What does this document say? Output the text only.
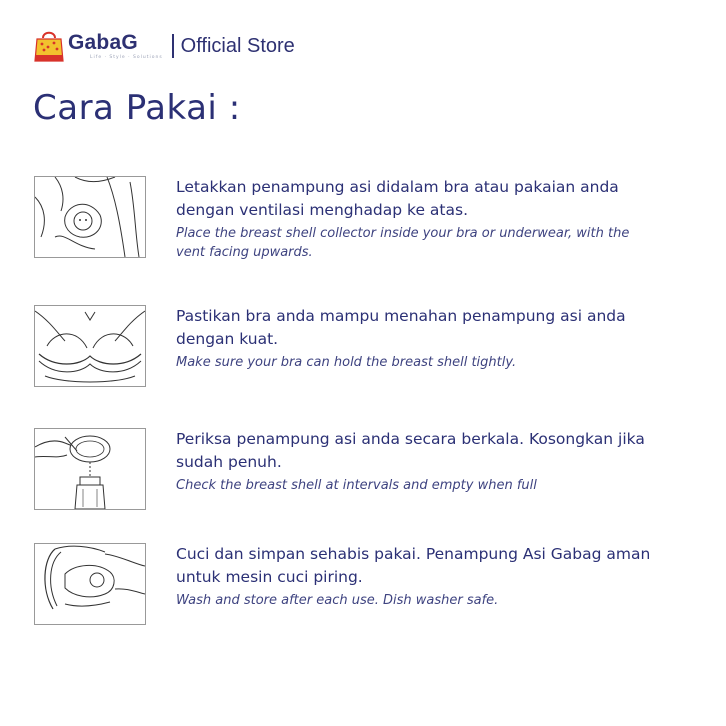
GabaG
Life · Style · Solutions
Official Store
Cara Pakai :

Letakkan penampung asi didalam bra atau pakaian anda dengan ventilasi menghadap ke atas.

Place the breast shell collector inside your bra or underwear, with the vent facing upwards.

Pastikan bra anda mampu menahan penampung asi anda dengan kuat.

Make sure your bra can hold the breast shell tightly.

Periksa penampung asi anda secara berkala. Kosongkan jika sudah penuh.

Check the breast shell at intervals and empty when full

Cuci dan simpan sehabis pakai. Penampung Asi Gabag aman untuk mesin cuci piring.

Wash and store after each use. Dish washer safe.
